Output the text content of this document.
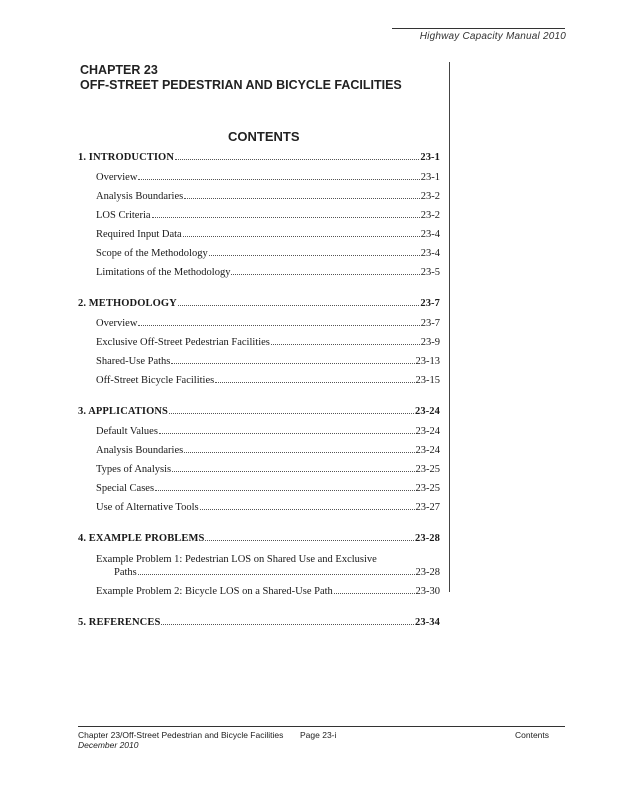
Highway Capacity Manual 2010
CHAPTER 23
OFF-STREET PEDESTRIAN AND BICYCLE FACILITIES
CONTENTS
1. INTRODUCTION	23-1
Overview	23-1
Analysis Boundaries	23-2
LOS Criteria	23-2
Required Input Data	23-4
Scope of the Methodology	23-4
Limitations of the Methodology	23-5
2. METHODOLOGY	23-7
Overview	23-7
Exclusive Off-Street Pedestrian Facilities	23-9
Shared-Use Paths	23-13
Off-Street Bicycle Facilities	23-15
3. APPLICATIONS	23-24
Default Values	23-24
Analysis Boundaries	23-24
Types of Analysis	23-25
Special Cases	23-25
Use of Alternative Tools	23-27
4. EXAMPLE PROBLEMS	23-28
Example Problem 1: Pedestrian LOS on Shared Use and Exclusive
Paths	23-28
Example Problem 2: Bicycle LOS on a Shared-Use Path	23-30
5. REFERENCES	23-34
Chapter 23/Off-Street Pedestrian and Bicycle Facilities
December 2010
Page 23-i	Contents
